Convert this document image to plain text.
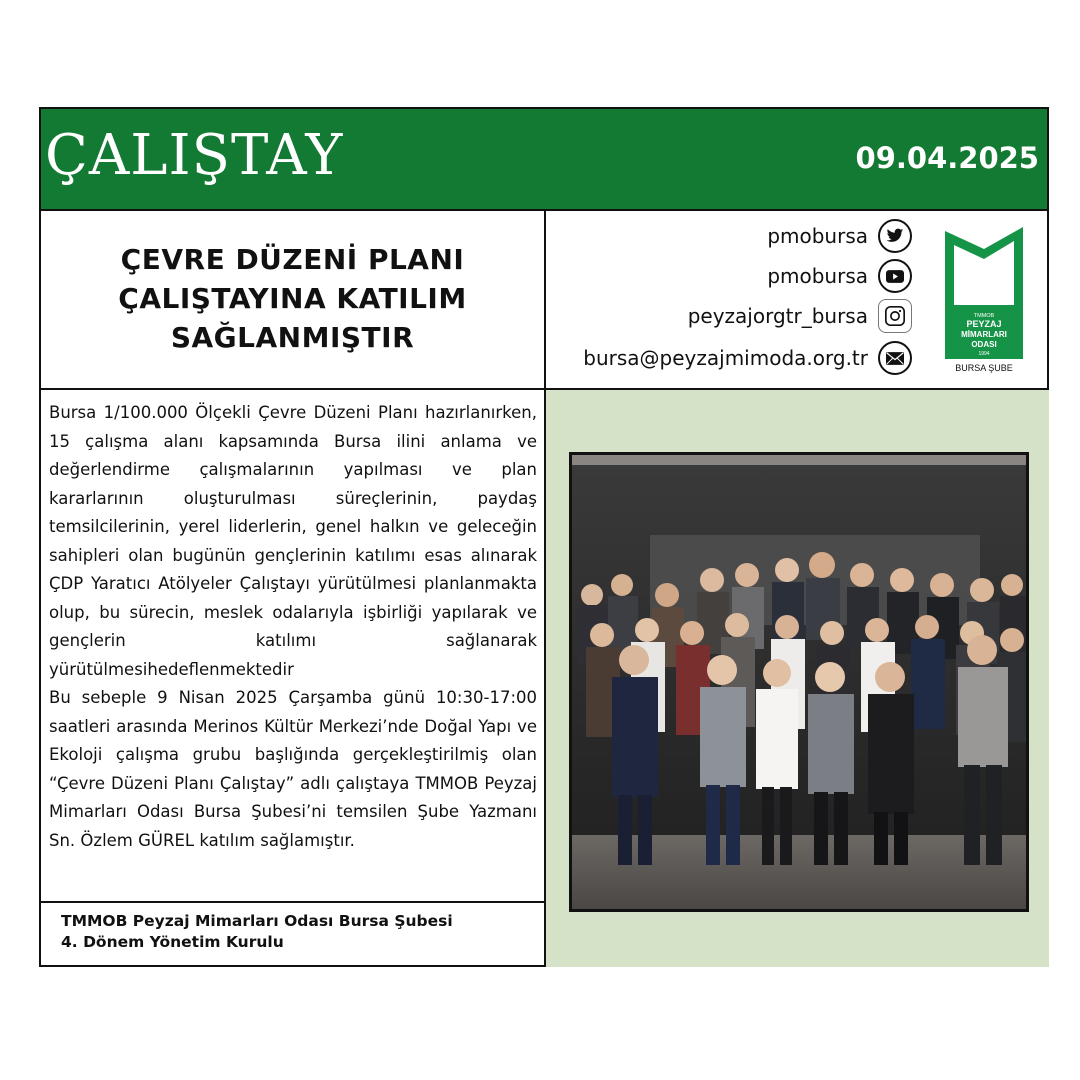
ÇALIŞTAY	09.04.2025
ÇEVRE DÜZENİ PLANI
ÇALIŞTAYINA KATILIM
SAĞLANMIŞTIR
pmobursa
pmobursa
peyzajorgtr_bursa
bursa@peyzajmimoda.org.tr
TMMOB
PEYZAJ
MİMARLARI
ODASI
1994
BURSA ŞUBE

Bursa 1/100.000 Ölçekli Çevre Düzeni Planı hazırlanırken, 15 çalışma alanı kapsamında Bursa ilini anlama ve değerlendirme çalışmalarının yapılması ve plan kararlarının oluşturulması süreçlerinin, paydaş temsilcilerinin, yerel liderlerin, genel halkın ve geleceğin sahipleri olan bugünün gençlerinin katılımı esas alınarak ÇDP Yaratıcı Atölyeler Çalıştayı yürütülmesi planlanmakta olup, bu sürecin, meslek odalarıyla işbirliği yapılarak ve gençlerin katılımı sağlanarak yürütülmesihedeflenmektedir

Bu sebeple 9 Nisan 2025 Çarşamba günü 10:30-17:00 saatleri arasında Merinos Kültür Merkezi’nde Doğal Yapı ve Ekoloji çalışma grubu başlığında gerçekleştirilmiş olan “Çevre Düzeni Planı Çalıştay” adlı çalıştaya TMMOB Peyzaj Mimarları Odası Bursa Şubesi’ni temsilen Şube Yazmanı Sn. Özlem GÜREL katılım sağlamıştır.

TMMOB Peyzaj Mimarları Odası Bursa Şubesi
4. Dönem Yönetim Kurulu
